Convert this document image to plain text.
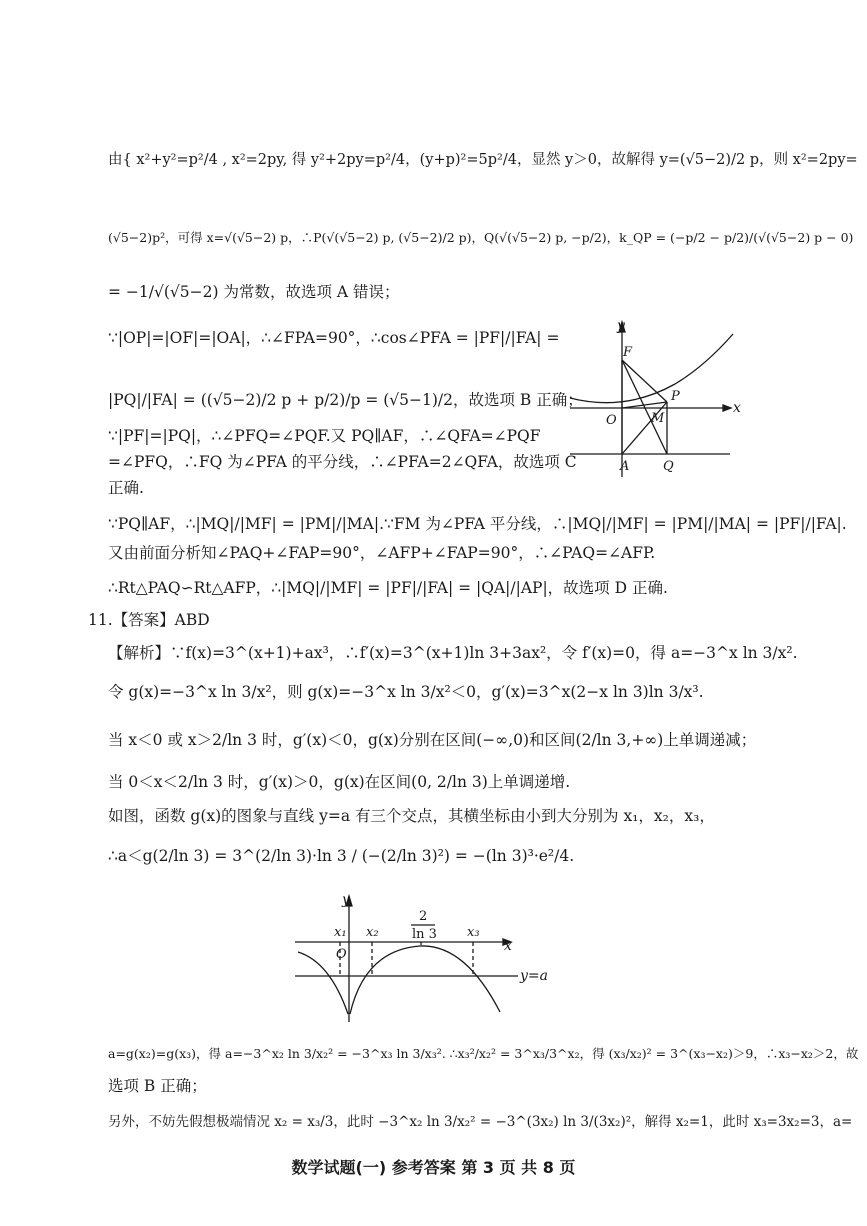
由{ x²+y²=p²/4 , x²=2py, 得 y²+2py=p²/4，(y+p)²=5p²/4，显然 y＞0，故解得 y=(√5−2)/2 p，则 x²=2py=
(√5−2)p²，可得 x=√(√5−2) p，∴P(√(√5−2) p, (√5−2)/2 p)，Q(√(√5−2) p, −p/2)，k_QP = (−p/2 − p/2)/(√(√5−2) p − 0)
= −1/√(√5−2) 为常数，故选项 A 错误；
∵|OP|=|OF|=|OA|，∴∠FPA=90°，∴cos∠PFA = |PF|/|FA| =
|PQ|/|FA| = ((√5−2)/2 p + p/2)/p = (√5−1)/2，故选项 B 正确；
∵|PF|=|PQ|，∴∠PFQ=∠PQF.又 PQ∥AF，∴∠QFA=∠PQF
=∠PFQ，∴FQ 为∠PFA 的平分线，∴∠PFA=2∠QFA，故选项 C
正确.
∵PQ∥AF，∴|MQ|/|MF| = |PM|/|MA|.∵FM 为∠PFA 平分线，∴|MQ|/|MF| = |PM|/|MA| = |PF|/|FA|.
又由前面分析知∠PAQ+∠FAP=90°，∠AFP+∠FAP=90°，∴∠PAQ=∠AFP.
∴Rt△PAQ∽Rt△AFP，∴|MQ|/|MF| = |PF|/|FA| = |QA|/|AP|，故选项 D 正确.
y
x
F
P
O	M
A	Q
11.【答案】ABD
【解析】∵f(x)=3^(x+1)+ax³，∴f′(x)=3^(x+1)ln 3+3ax²，令 f′(x)=0，得 a=−3^x ln 3/x².
令 g(x)=−3^x ln 3/x²，则 g(x)=−3^x ln 3/x²＜0，g′(x)=3^x(2−x ln 3)ln 3/x³.
当 x＜0 或 x＞2/ln 3 时，g′(x)＜0，g(x)分别在区间(−∞,0)和区间(2/ln 3,+∞)上单调递减；
当 0＜x＜2/ln 3 时，g′(x)＞0，g(x)在区间(0, 2/ln 3)上单调递增.
如图，函数 g(x)的图象与直线 y=a 有三个交点，其横坐标由小到大分别为 x₁，x₂，x₃，
∴a＜g(2/ln 3) = 3^(2/ln 3)·ln 3 / (−(2/ln 3)²) = −(ln 3)³·e²/4.
y
x
x₁ x₂	x₃
O
2
ln 3
y=a
a=g(x₂)=g(x₃)，得 a=−3^x₂ ln 3/x₂² = −3^x₃ ln 3/x₃². ∴x₃²/x₂² = 3^x₃/3^x₂，得 (x₃/x₂)² = 3^(x₃−x₂)＞9，∴x₃−x₂＞2，故
选项 B 正确；
另外，不妨先假想极端情况 x₂ = x₃/3，此时 −3^x₂ ln 3/x₂² = −3^(3x₂) ln 3/(3x₂)²，解得 x₂=1，此时 x₃=3x₂=3，a=
数学试题(一) 参考答案 第 3 页 共 8 页
